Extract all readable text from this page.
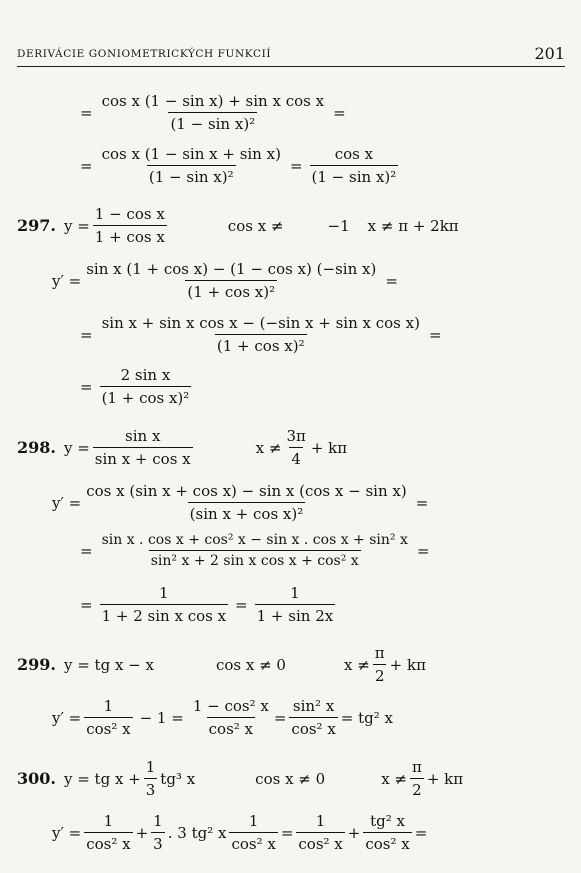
DERIVÁCIE GONIOMETRICKÝCH FUNKCIÍ	201
= $\frac{\text{cos x (1 − sin x) + sin x cos x}}{\text{(1 − sin x)²}}$ =
= $\frac{\text{cos x (1 − sin x + sin x)}}{\text{(1 − sin x)²}} = \frac{\text{cos x}}{\text{(1 − sin x)²}}$
297. $y = \frac{\text{1 − cos x}}{\text{1 + cos x}}$	cos x ≠	−1 x ≠ π + 2kπ
$y' = \frac{\text{sin x (1 + cos x) − (1 − cos x) (−sin x)}}{\text{(1 + cos x)²}}$ =
= $\frac{\text{sin x + sin x cos x − (−sin x + sin x cos x)}}{\text{(1 + cos x)²}}$ =
= $\frac{\text{2 sin x}}{\text{(1 + cos x)²}}$
298. $y = \frac{\text{sin x}}{\text{sin x + cos x}}$	$x \ne \frac{3\pi}{4} + k\pi$
$y' = \frac{\text{cos x (sin x + cos x) − sin x (cos x − sin x)}}{\text{(sin x + cos x)²}}$ =
= $\frac{\text{sin x . cos x + cos² x − sin x . cos x + sin² x}}{\text{sin² x + 2 sin x cos x + cos² x}}$ =
= $\frac{1}{\text{1 + 2 sin x cos x}} = \frac{1}{1 + \sin 2x}$
299. y = tg x − x	cos x ≠ 0	$x \ne \frac{\pi}{2} + k\pi$
$y' = \frac{1}{\text{cos² x}} - 1 = \frac{\text{1 − cos² x}}{\text{cos² x}} = \frac{\text{sin² x}}{\text{cos² x}} = tg^2$ x
300. y = tg $x + \frac{1}{3} tg^3$ x	cos x ≠ 0	$x \ne \frac{\pi}{2} + k\pi$
$y' = \frac{1}{\text{cos² x}} + \frac{1}{3}$ . 3 tg² x $\frac{1}{\text{cos² x}} = \frac{1}{\text{cos² x}} + \frac{\text{tg² x}}{\text{cos² x}}$ =
